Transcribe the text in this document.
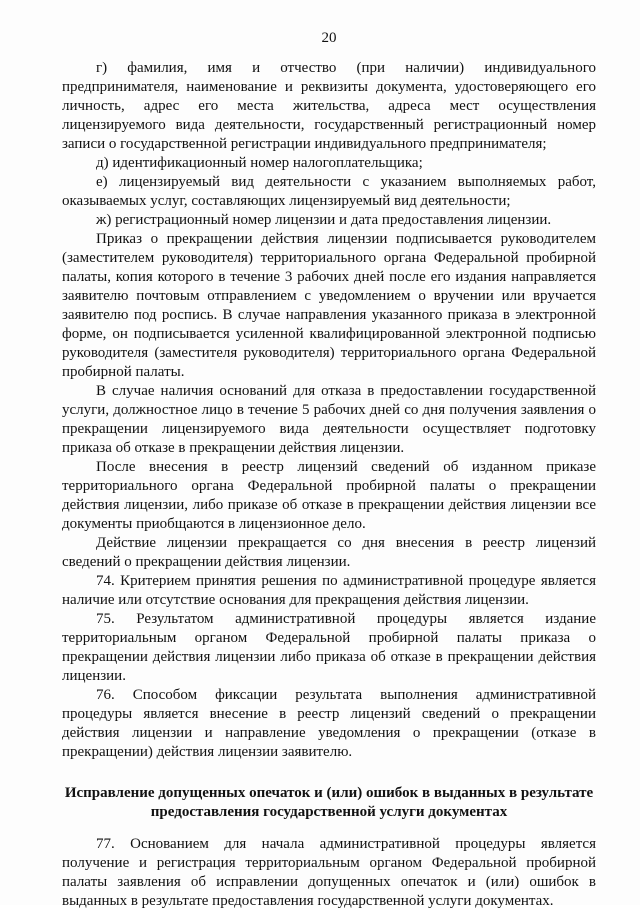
20

г) фамилия, имя и отчество (при наличии) индивидуального предпринимателя, наименование и реквизиты документа, удостоверяющего его личность, адрес его места жительства, адреса мест осуществления лицензируемого вида деятельности, государственный регистрационный номер записи о государственной регистрации индивидуального предпринимателя;

д) идентификационный номер налогоплательщика;

е) лицензируемый вид деятельности с указанием выполняемых работ, оказываемых услуг, составляющих лицензируемый вид деятельности;

ж) регистрационный номер лицензии и дата предоставления лицензии.

Приказ о прекращении действия лицензии подписывается руководителем (заместителем руководителя) территориального органа Федеральной пробирной палаты, копия которого в течение 3 рабочих дней после его издания направляется заявителю почтовым отправлением с уведомлением о вручении или вручается заявителю под роспись. В случае направления указанного приказа в электронной форме, он подписывается усиленной квалифицированной электронной подписью руководителя (заместителя руководителя) территориального органа Федеральной пробирной палаты.

В случае наличия оснований для отказа в предоставлении государственной услуги, должностное лицо в течение 5 рабочих дней со дня получения заявления о прекращении лицензируемого вида деятельности осуществляет подготовку приказа об отказе в прекращении действия лицензии.

После внесения в реестр лицензий сведений об изданном приказе территориального органа Федеральной пробирной палаты о прекращении действия лицензии, либо приказе об отказе в прекращении действия лицензии все документы приобщаются в лицензионное дело.

Действие лицензии прекращается со дня внесения в реестр лицензий сведений о прекращении действия лицензии.

74. Критерием принятия решения по административной процедуре является наличие или отсутствие основания для прекращения действия лицензии.

75. Результатом административной процедуры является издание территориальным органом Федеральной пробирной палаты приказа о прекращении действия лицензии либо приказа об отказе в прекращении действия лицензии.

76. Способом фиксации результата выполнения административной процедуры является внесение в реестр лицензий сведений о прекращении действия лицензии и направление уведомления о прекращении (отказе в прекращении) действия лицензии заявителю.

Исправление допущенных опечаток и (или) ошибок в выданных в результате
предоставления государственной услуги документах

77. Основанием для начала административной процедуры является получение и регистрация территориальным органом Федеральной пробирной палаты заявления об исправлении допущенных опечаток и (или) ошибок в выданных в результате предоставления государственной услуги документах.
